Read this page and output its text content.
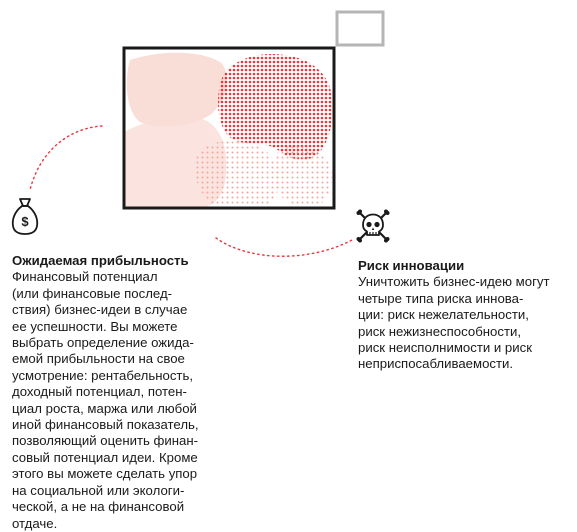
$
Ожидаемая прибыльность
Финансовый потенциал
(или финансовые послед-
ствия) бизнес-идеи в случае
ее успешности. Вы можете
выбрать определение ожида-
емой прибыльности на свое
усмотрение: рентабельность,
доходный потенциал, потен-
циал роста, маржа или любой
иной финансовый показатель,
позволяющий оценить финан-
совый потенциал идеи. Кроме
этого вы можете сделать упор
на социальной или экологи-
ческой, а не на финансовой
отдаче.
Риск инновации
Уничтожить бизнес-идею могут
четыре типа риска иннова-
ции: риск нежелательности,
риск нежизнеспособности,
риск неисполнимости и риск
неприспосабливаемости.
